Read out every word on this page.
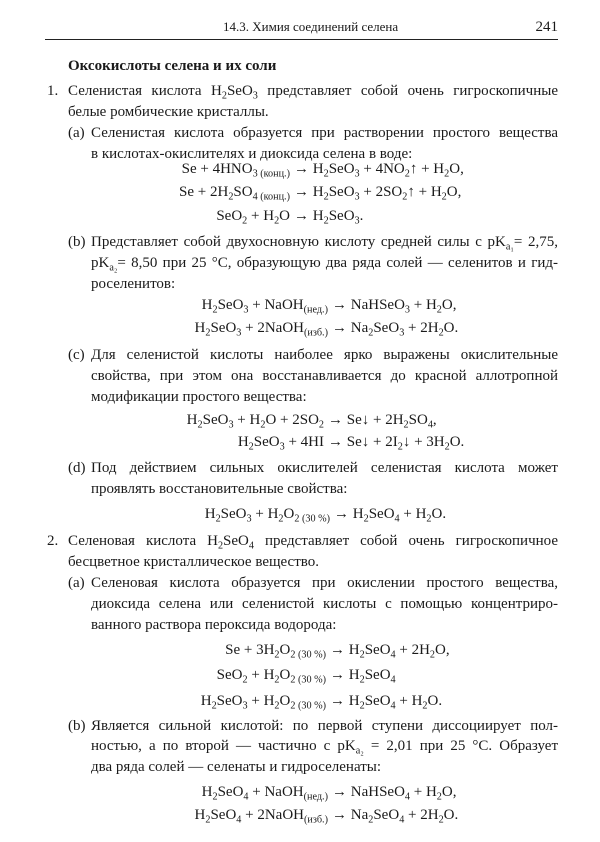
14.3. Химия соединений селена	241
Оксокислоты селена и их соли
1. Селенистая кислота $H_2SeO_3$ представляет собой очень гигроскопичные
белые ромбические кристаллы.
(a) Селенистая кислота образуется при растворении простого вещества
в кислотах-окислителях и диоксида селена в воде:
$Se + 4HNO_{3 (конц.)} \to H_2SeO_3$ + $4NO_2↑ + H_2O$,
$Se + 2H_2SO_{4 (конц.)} \to H_2SeO_3$ + $2SO_2↑ + H_2O$,
$SeO_2 + H_2O \to H_2SeO_3$.
(b) Представляет собой двухосновную кислоту средней силы с $pK_{a_1}= 2,75$,
$pK_{a_2}= 8,50$ при 25 °C, образующую два ряда солей — селенитов и гид-
роселенитов:
$H_2SeO_3$ + NaOH$_{(нед.)}$ → NaHSeO$_3$ + $H_2O$,
$H_2SeO_3$ + 2NaOH$_{(изб.)}$ → $Na_2SeO_3 + 2H_2O$.
(c) Для селенистой кислоты наиболее ярко выражены окислительные
свойства, при этом она восстанавливается до красной аллотропной
модификации простого вещества:
$H_2SeO_3 + H_2O + 2SO_2$ → Se↓ + $2H_2SO_4$,
$H_2SeO_3 + 4HI$ → Se↓ + $2I_2↓ + 3H_2O$.
(d) Под действием сильных окислителей селенистая кислота может
проявлять восстановительные свойства:
$H_2SeO_3 + H_2O_{2 (30 \%)} \to H_2SeO_4 + H_2O$.
2. Селеновая кислота $H_2SeO_4$ представляет собой очень гигроскопичное
бесцветное кристаллическое вещество.
(a) Селеновая кислота образуется при окислении простого вещества,
диоксида селена или селенистой кислоты с помощью концентриро-
ванного раствора пероксида водорода:
$Se + 3H_2O_{2 (30 \%)} \to H_2SeO_4 + 2H_2O$,
$SeO_2 + H_2O_{2 (30 \%)} \to H_2SeO_4$
$H_2SeO_3 + H_2O_{2 (30 \%)} \to H_2SeO_4 + H_2O$.
(b) Является сильной кислотой: по первой ступени диссоциирует пол-
ностью, а по второй — частично с $pK_{a_2} = 2,01$ при 25 °C. Образует
два ряда солей — селенаты и гидроселенаты:
$H_2SeO_4$ + NaOH$_{(нед.)}$ → NaHSeO$_4$ + $H_2O$,
$H_2SeO_4$ + 2NaOH$_{(изб.)}$ → $Na_2SeO_4 + 2H_2O$.
